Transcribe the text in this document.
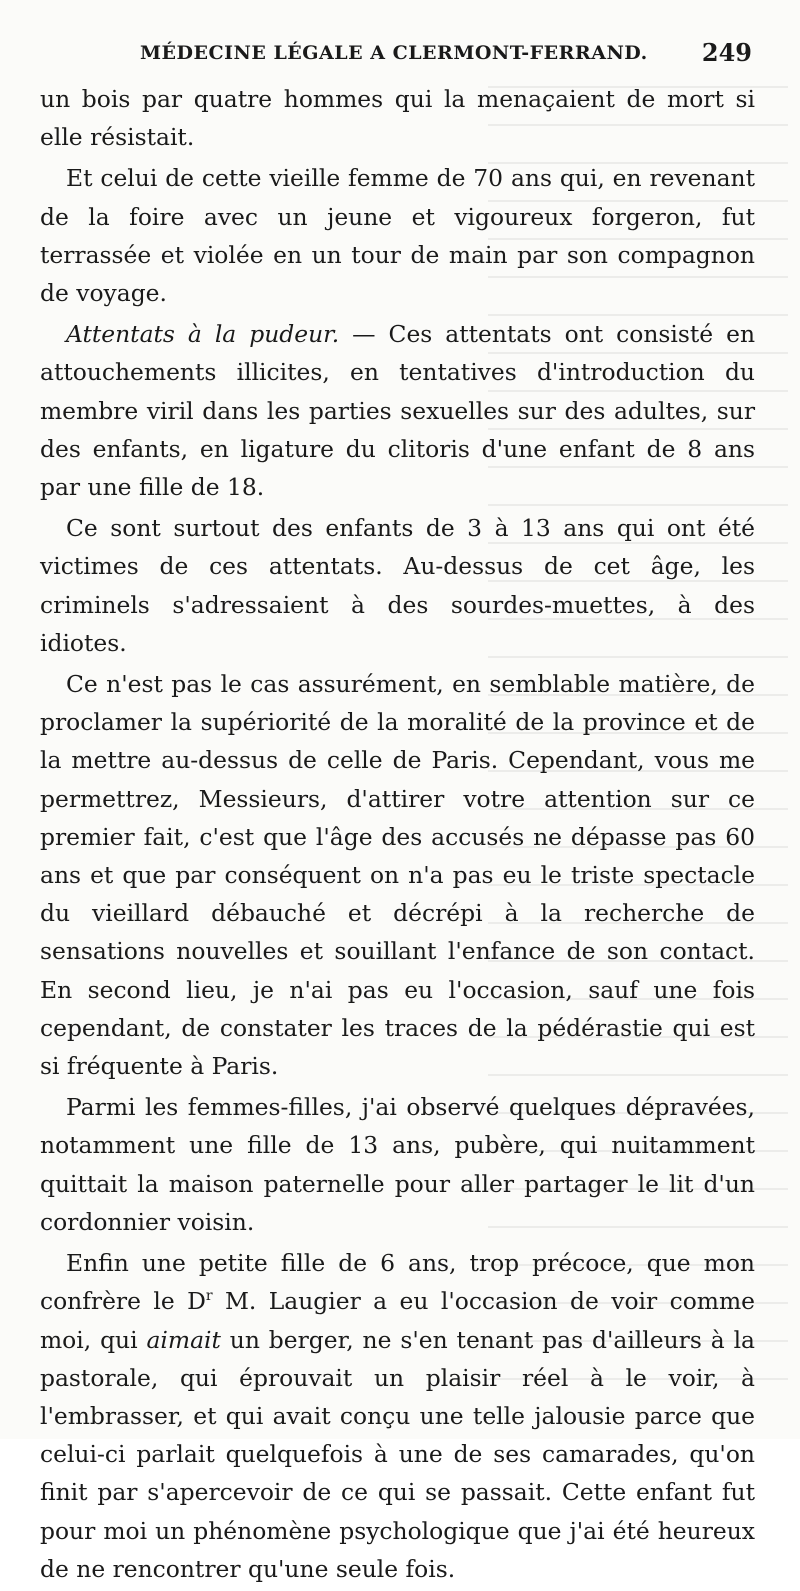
MÉDECINE LÉGALE A CLERMONT-FERRAND. 249

un bois par quatre hommes qui la menaçaient de mort si elle résistait.

Et celui de cette vieille femme de 70 ans qui, en revenant de la foire avec un jeune et vigoureux forgeron, fut terrassée et violée en un tour de main par son compagnon de voyage.

Attentats à la pudeur. — Ces attentats ont consisté en attouchements illicites, en tentatives d'introduction du membre viril dans les parties sexuelles sur des adultes, sur des enfants, en ligature du clitoris d'une enfant de 8 ans par une fille de 18.

Ce sont surtout des enfants de 3 à 13 ans qui ont été victimes de ces attentats. Au-dessus de cet âge, les criminels s'adressaient à des sourdes-muettes, à des idiotes.

Ce n'est pas le cas assurément, en semblable matière, de proclamer la supériorité de la moralité de la province et de la mettre au-dessus de celle de Paris. Cependant, vous me permettrez, Messieurs, d'attirer votre attention sur ce premier fait, c'est que l'âge des accusés ne dépasse pas 60 ans et que par conséquent on n'a pas eu le triste spectacle du vieillard débauché et décrépi à la recherche de sensations nouvelles et souillant l'enfance de son contact. En second lieu, je n'ai pas eu l'occasion, sauf une fois cependant, de constater les traces de la pédérastie qui est si fréquente à Paris.

Parmi les femmes-filles, j'ai observé quelques dépravées, notamment une fille de 13 ans, pubère, qui nuitamment quittait la maison paternelle pour aller partager le lit d'un cordonnier voisin.

Enfin une petite fille de 6 ans, trop précoce, que mon confrère le $D^r$ M. Laugier a eu l'occasion de voir comme moi, qui aimait un berger, ne s'en tenant pas d'ailleurs à la pastorale, qui éprouvait un plaisir réel à le voir, à l'embrasser, et qui avait conçu une telle jalousie parce que celui-ci parlait quelquefois à une de ses camarades, qu'on finit par s'apercevoir de ce qui se passait. Cette enfant fut pour moi un phénomène psychologique que j'ai été heureux de ne rencontrer qu'une seule fois.
